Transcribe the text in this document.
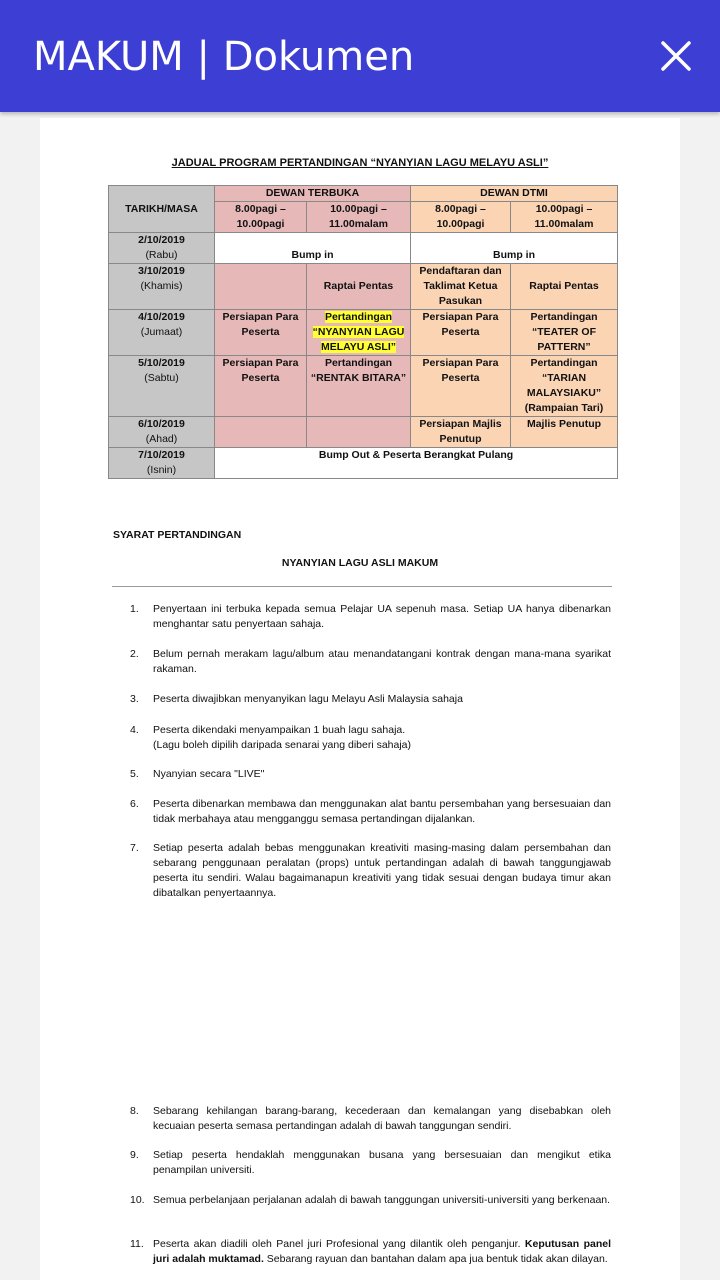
MAKUM | Dokumen
JADUAL PROGRAM PERTANDINGAN “NYANYIAN LAGU MELAYU ASLI”
TARIKH/MASA	DEWAN TERBUKA		DEWAN DTMI	
	8.00pagi – 10.00pagi	10.00pagi – 11.00malam	8.00pagi – 10.00pagi	10.00pagi – 11.00malam

2/10/2019
(Rabu)	Bump in		Bump in	

3/10/2019
(Khamis)		Raptai Pentas	Pendaftaran dan Taklimat Ketua Pasukan	Raptai Pentas

4/10/2019
(Jumaat)	Persiapan Para Peserta	Pertandingan “NYANYIAN LAGU MELAYU ASLI”	Persiapan Para Peserta	Pertandingan “TEATER OF PATTERN”

5/10/2019
(Sabtu)	Persiapan Para Peserta	Pertandingan “RENTAK BITARA”	Persiapan Para Peserta	Pertandingan “TARIAN MALAYSIAKU” (Rampaian Tari)

6/10/2019
(Ahad)			Persiapan Majlis Penutup	Majlis Penutup

7/10/2019
(Isnin)	Bump Out & Peserta Berangkat Pulang			
SYARAT PERTANDINGAN
NYANYIAN LAGU ASLI MAKUM
1.	Penyertaan ini terbuka kepada semua Pelajar UA sepenuh masa. Setiap UA hanya dibenarkan menghantar satu penyertaan sahaja.
2.	Belum pernah merakam lagu/album atau menandatangani kontrak dengan mana-mana syarikat rakaman.
3.	Peserta diwajibkan menyanyikan lagu Melayu Asli Malaysia sahaja
4.	Peserta dikendaki menyampaikan 1 buah lagu sahaja.
(Lagu boleh dipilih daripada senarai yang diberi sahaja)
5.	Nyanyian secara "LIVE"
6.	Peserta dibenarkan membawa dan menggunakan alat bantu persembahan yang bersesuaian dan tidak merbahaya atau mengganggu semasa pertandingan dijalankan.
7.	Setiap peserta adalah bebas menggunakan kreativiti masing-masing dalam persembahan dan sebarang penggunaan peralatan (props) untuk pertandingan adalah di bawah tanggungjawab peserta itu sendiri. Walau bagaimanapun kreativiti yang tidak sesuai dengan budaya timur akan dibatalkan penyertaannya.
8.	Sebarang kehilangan barang-barang, kecederaan dan kemalangan yang disebabkan oleh kecuaian peserta semasa pertandingan adalah di bawah tanggungan sendiri.
9.	Setiap peserta hendaklah menggunakan busana yang bersesuaian dan mengikut etika penampilan universiti.
10. Semua perbelanjaan perjalanan adalah di bawah tanggungan universiti-universiti yang berkenaan.
11. Peserta akan diadili oleh Panel juri Profesional yang dilantik oleh penganjur. Keputusan panel juri adalah muktamad. Sebarang rayuan dan bantahan dalam apa jua bentuk tidak akan dilayan.
